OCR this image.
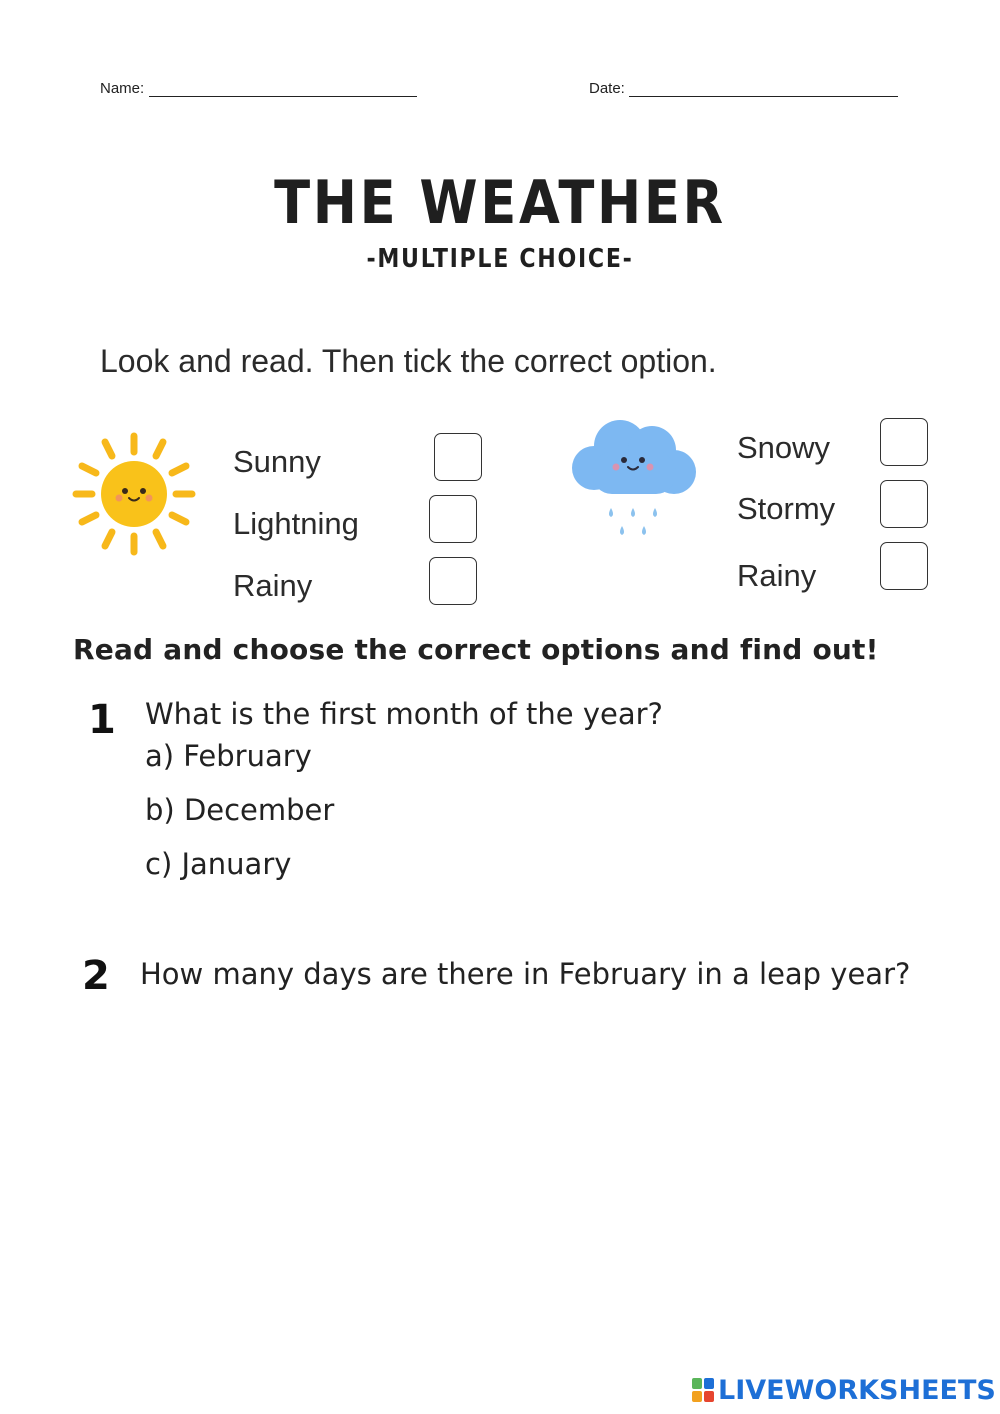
Name:	Date:
THE WEATHER
-MULTIPLE CHOICE-
Look and read. Then tick the correct option.
Sunny
Lightning
Rainy
Snowy
Stormy
Rainy
Read and choose the correct options and find out!
1 What is the first month of the year?
a) February
b) December
c) January
2 How many days are there in February in a leap year?
LIVEWORKSHEETS
